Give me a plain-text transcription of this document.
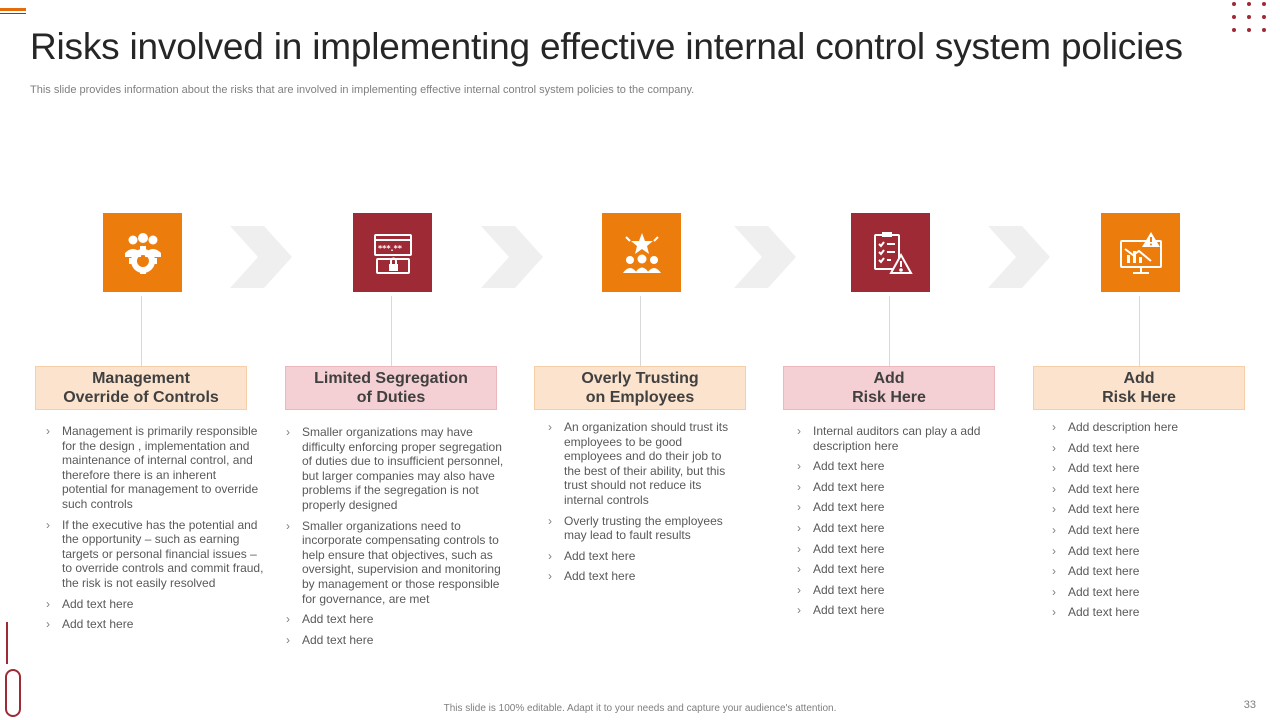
Risks involved in implementing effective internal control system policies

This slide provides information about the risks that are involved in implementing effective internal control system policies to the company.

***.**
Management
Override of Controls
Limited Segregation
of Duties
Overly Trusting
on Employees
Add
Risk Here
Add
Risk Here
› Management is primarily responsible for the design , implementation and maintenance of internal control, and therefore there is an inherent potential for management to override such controls
› If the executive has the potential and the opportunity – such as earning targets or personal financial issues – to override controls and commit fraud, the risk is not easily resolved
› Add text here
› Add text here
› Smaller organizations may have difficulty enforcing proper segregation of duties due to insufficient personnel, but larger companies may also have problems if the segregation is not properly designed
› Smaller organizations need to incorporate compensating controls to help ensure that objectives, such as oversight, supervision and monitoring by management or those responsible for governance, are met
› Add text here
› Add text here
› An organization should trust its employees to be good employees and do their job to the best of their ability, but this trust should not reduce its internal controls
› Overly trusting the employees may lead to fault results
› Add text here
› Add text here
› Internal auditors can play a add description here
› Add text here
› Add text here
› Add text here
› Add text here
› Add text here
› Add text here
› Add text here
› Add text here
› Add description here
› Add text here
› Add text here
› Add text here
› Add text here
› Add text here
› Add text here
› Add text here
› Add text here
› Add text here

This slide is 100% editable. Adapt it to your needs and capture your audience's attention.	33
